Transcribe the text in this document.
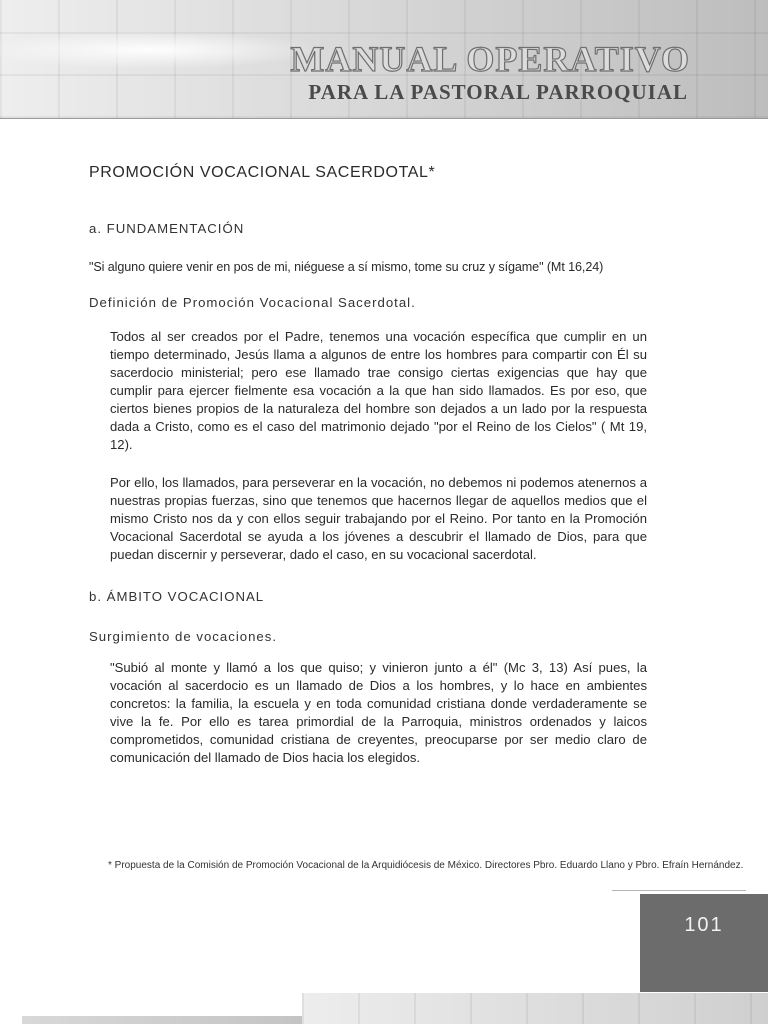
MANUAL OPERATIVO
PARA LA PASTORAL PARROQUIAL
PROMOCIÓN VOCACIONAL SACERDOTAL*
a. FUNDAMENTACIÓN

"Si alguno quiere venir en pos de mi, niéguese a sí mismo, tome su cruz y sígame" (Mt 16,24)

Definición de Promoción Vocacional Sacerdotal.

Todos al ser creados por el Padre, tenemos una vocación específica que cumplir en un tiempo determinado, Jesús llama a algunos de entre los hombres para compartir con Él su sacerdocio ministerial; pero ese llamado trae consigo ciertas exigencias que hay que cumplir para ejercer fielmente esa vocación a la que han sido llamados. Es por eso, que ciertos bienes propios de la naturaleza del hombre son dejados a un lado por la respuesta dada a Cristo, como es el caso del matrimonio dejado "por el Reino de los Cielos" ( Mt 19, 12).

Por ello, los llamados, para perseverar en la vocación, no debemos ni podemos atenernos a nuestras propias fuerzas, sino que tenemos que hacernos llegar de aquellos medios que el mismo Cristo nos da y con ellos seguir trabajando por el Reino. Por tanto en la Promoción Vocacional Sacerdotal se ayuda a los jóvenes a descubrir el llamado de Dios, para que puedan discernir y perseverar, dado el caso, en su vocacional sacerdotal.

b. ÁMBITO VOCACIONAL

Surgimiento de vocaciones.

"Subió al monte y llamó a los que quiso; y vinieron junto a él" (Mc 3, 13) Así pues, la vocación al sacerdocio es un llamado de Dios a los hombres, y lo hace en ambientes concretos: la familia, la escuela y en toda comunidad cristiana donde verdaderamente se vive la fe. Por ello es tarea primordial de la Parroquia, ministros ordenados y laicos comprometidos, comunidad cristiana de creyentes, preocuparse por ser medio claro de comunicación del llamado de Dios hacia los elegidos.

* Propuesta de la Comisión de Promoción Vocacional de la Arquidiócesis de México. Directores Pbro. Eduardo Llano y Pbro. Efraín Hernández.

101
